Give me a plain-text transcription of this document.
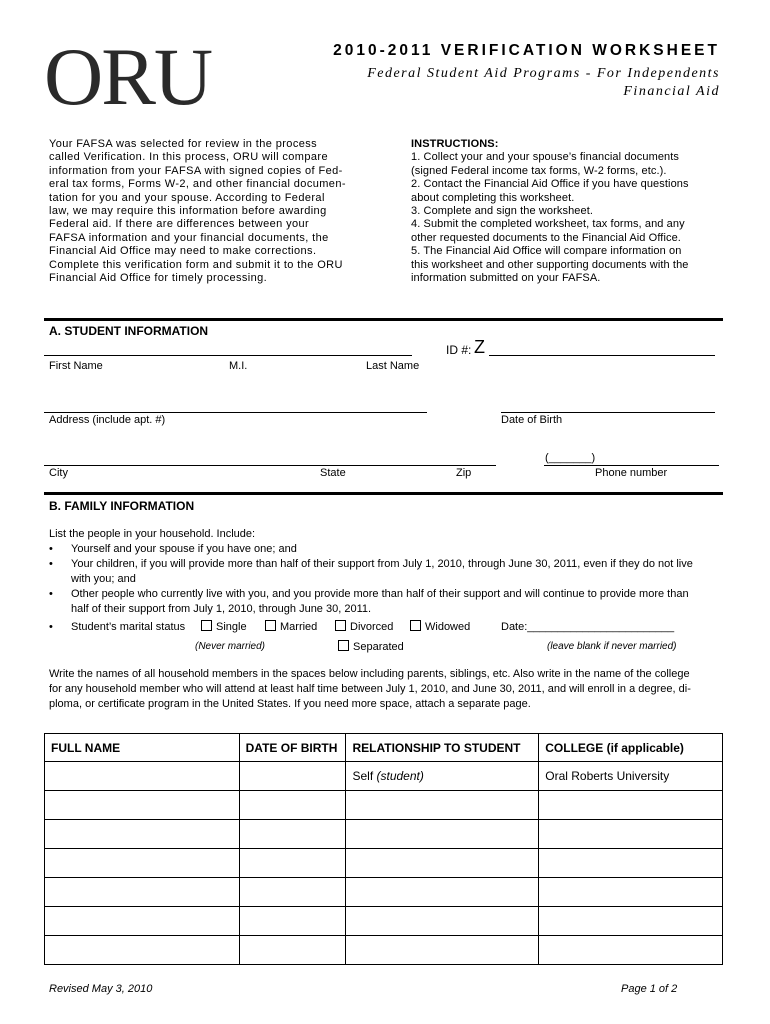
ORU	2010-2011 VERIFICATION WORKSHEET
Federal Student Aid Programs - For Independents
Financial Aid
Your FAFSA was selected for review in the process
called Verification. In this process, ORU will compare
information from your FAFSA with signed copies of Fed-
eral tax forms, Forms W-2, and other financial documen-
tation for you and your spouse. According to Federal
law, we may require this information before awarding
Federal aid. If there are differences between your
FAFSA information and your financial documents, the
Financial Aid Office may need to make corrections.
Complete this verification form and submit it to the ORU
Financial Aid Office for timely processing.
INSTRUCTIONS:
1. Collect your and your spouse’s financial documents
(signed Federal income tax forms, W-2 forms, etc.).
2. Contact the Financial Aid Office if you have questions
about completing this worksheet.
3. Complete and sign the worksheet.
4. Submit the completed worksheet, tax forms, and any
other requested documents to the Financial Aid Office.
5. The Financial Aid Office will compare information on
this worksheet and other supporting documents with the
information submitted on your FAFSA.
A. STUDENT INFORMATION
First Name	M.I.	Last Name
ID #: Z
Address (include apt. #)	Date of Birth
City	State	Zip
(_______)
Phone number
B. FAMILY INFORMATION
List the people in your household. Include:
•	Yourself and your spouse if you have one; and
•	Your children, if you will provide more than half of their support from July 1, 2010, through June 30, 2011, even if they do not live
with you; and
•	Other people who currently live with you, and you provide more than half of their support and will continue to provide more than
half of their support from July 1, 2010, through June 30, 2011.
•	Student’s marital status	Single	Married	Divorced	Widowed	Date:________________________
(Never married)	Separated	(leave blank if never married)
Write the names of all household members in the spaces below including parents, siblings, etc. Also write in the name of the college
for any household member who will attend at least half time between July 1, 2010, and June 30, 2011, and will enroll in a degree, di-
ploma, or certificate program in the United States. If you need more space, attach a separate page.
FULL NAME	DATE OF BIRTH	RELATIONSHIP TO STUDENT	COLLEGE (if applicable)
		Self (student)	Oral Roberts University

Revised May 3, 2010	Page 1 of 2
